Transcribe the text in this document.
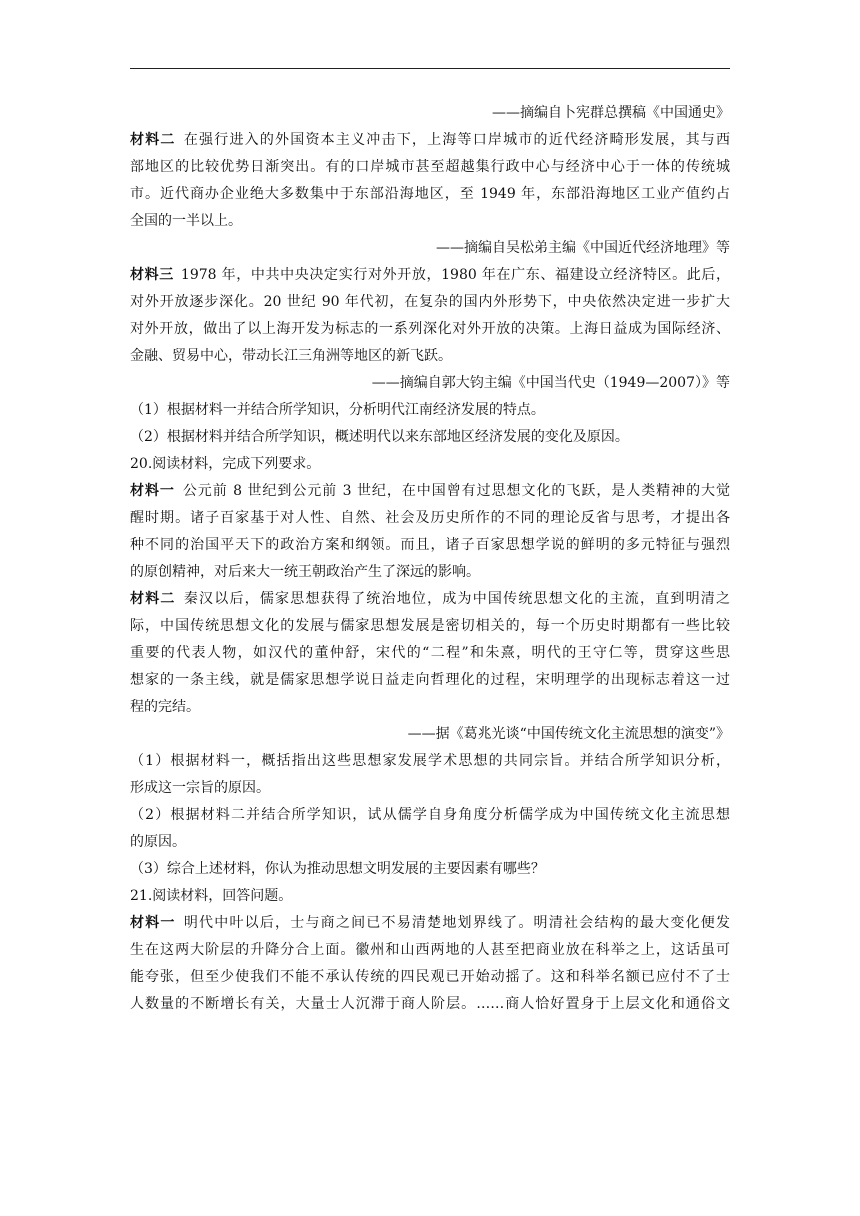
——摘编自卜宪群总撰稿《中国通史》
材料二  在强行进入的外国资本主义冲击下，上海等口岸城市的近代经济畸形发展，其与西
部地区的比较优势日渐突出。有的口岸城市甚至超越集行政中心与经济中心于一体的传统城
市。近代商办企业绝大多数集中于东部沿海地区，至 1949 年，东部沿海地区工业产值约占
全国的一半以上。
——摘编自吴松弟主编《中国近代经济地理》等
材料三  1978 年，中共中央决定实行对外开放，1980 年在广东、福建设立经济特区。此后，
对外开放逐步深化。20 世纪 90 年代初，在复杂的国内外形势下，中央依然决定进一步扩大
对外开放，做出了以上海开发为标志的一系列深化对外开放的决策。上海日益成为国际经济、
金融、贸易中心，带动长江三角洲等地区的新飞跃。
——摘编自郭大钧主编《中国当代史（1949—2007）》等
（1）根据材料一并结合所学知识，分析明代江南经济发展的特点。
（2）根据材料并结合所学知识，概述明代以来东部地区经济发展的变化及原因。
20.阅读材料，完成下列要求。
材料一  公元前 8 世纪到公元前 3 世纪，在中国曾有过思想文化的飞跃，是人类精神的大觉
醒时期。诸子百家基于对人性、自然、社会及历史所作的不同的理论反省与思考，才提出各
种不同的治国平天下的政治方案和纲领。而且，诸子百家思想学说的鲜明的多元特征与强烈
的原创精神，对后来大一统王朝政治产生了深远的影响。
材料二  秦汉以后，儒家思想获得了统治地位，成为中国传统思想文化的主流，直到明清之
际，中国传统思想文化的发展与儒家思想发展是密切相关的，每一个历史时期都有一些比较
重要的代表人物，如汉代的董仲舒，宋代的“二程”和朱熹，明代的王守仁等，贯穿这些思
想家的一条主线，就是儒家思想学说日益走向哲理化的过程，宋明理学的出现标志着这一过
程的完结。
——据《葛兆光谈“中国传统文化主流思想的演变”》
（1）根据材料一，概括指出这些思想家发展学术思想的共同宗旨。并结合所学知识分析，
形成这一宗旨的原因。
（2）根据材料二并结合所学知识，试从儒学自身角度分析儒学成为中国传统文化主流思想
的原因。
（3）综合上述材料，你认为推动思想文明发展的主要因素有哪些？
21.阅读材料，回答问题。
材料一  明代中叶以后，士与商之间已不易清楚地划界线了。明清社会结构的最大变化便发
生在这两大阶层的升降分合上面。徽州和山西两地的人甚至把商业放在科举之上，这话虽可
能夸张，但至少使我们不能不承认传统的四民观已开始动摇了。这和科举名额已应付不了士
人数量的不断增长有关，大量士人沉滞于商人阶层。……商人恰好置身于上层文化和通俗文
